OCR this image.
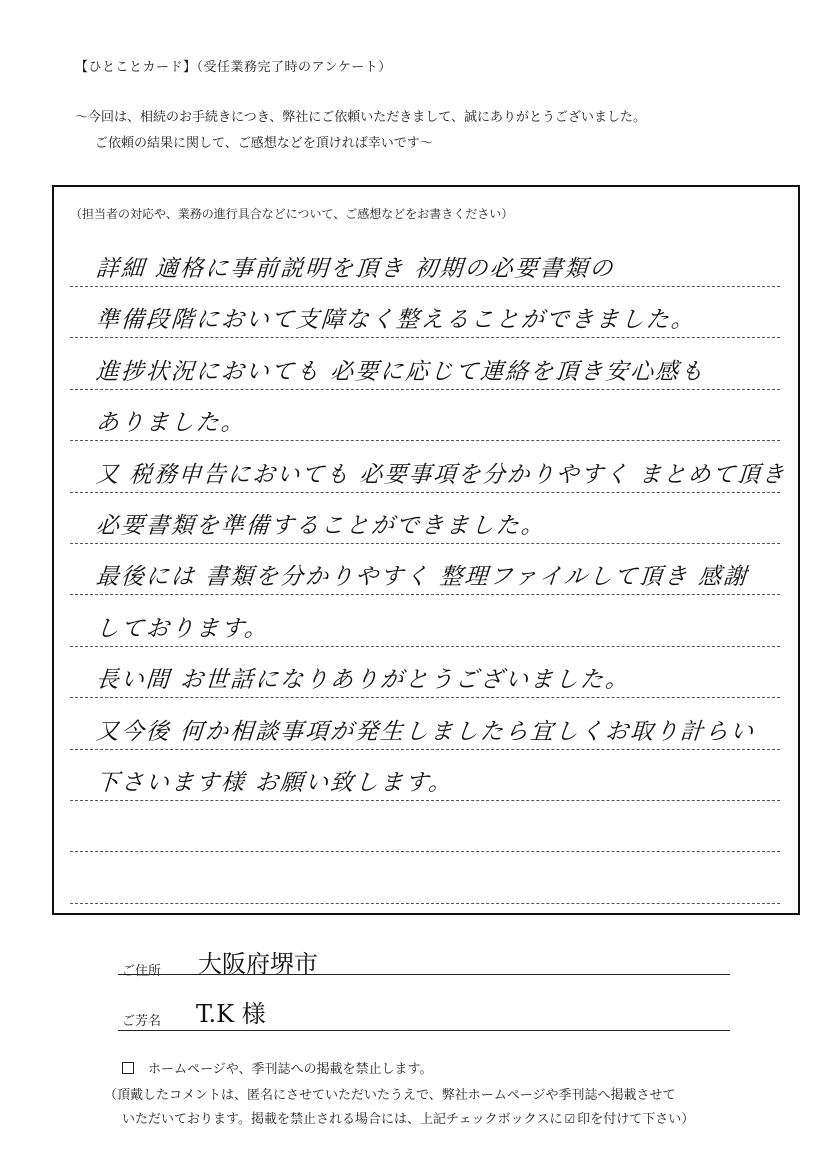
【ひとことカード】（受任業務完了時のアンケート）
～今回は、相続のお手続きにつき、弊社にご依頼いただきまして、誠にありがとうございました。
ご依頼の結果に関して、ご感想などを頂ければ幸いです～
（担当者の対応や、業務の進行具合などについて、ご感想などをお書きください）
詳細 適格に事前説明を頂き 初期の必要書類の
準備段階において支障なく整えることができました。
進捗状況においても 必要に応じて連絡を頂き安心感も
ありました。
又 税務申告においても 必要事項を分かりやすく まとめて頂き
必要書類を準備することができました。
最後には 書類を分かりやすく 整理ファイルして頂き 感謝
しております。
長い間 お世話になりありがとうございました。
又今後 何か相談事項が発生しましたら宜しくお取り計らい
下さいます様 お願い致します。
ご住所 大阪府堺市
ご芳名 T.K 様
ホームページや、季刊誌への掲載を禁止します。
（頂戴したコメントは、匿名にさせていただいたうえで、弊社ホームページや季刊誌へ掲載させて
いただいております。掲載を禁止される場合には、上記チェックボックスに ☑ 印を付けて下さい）
